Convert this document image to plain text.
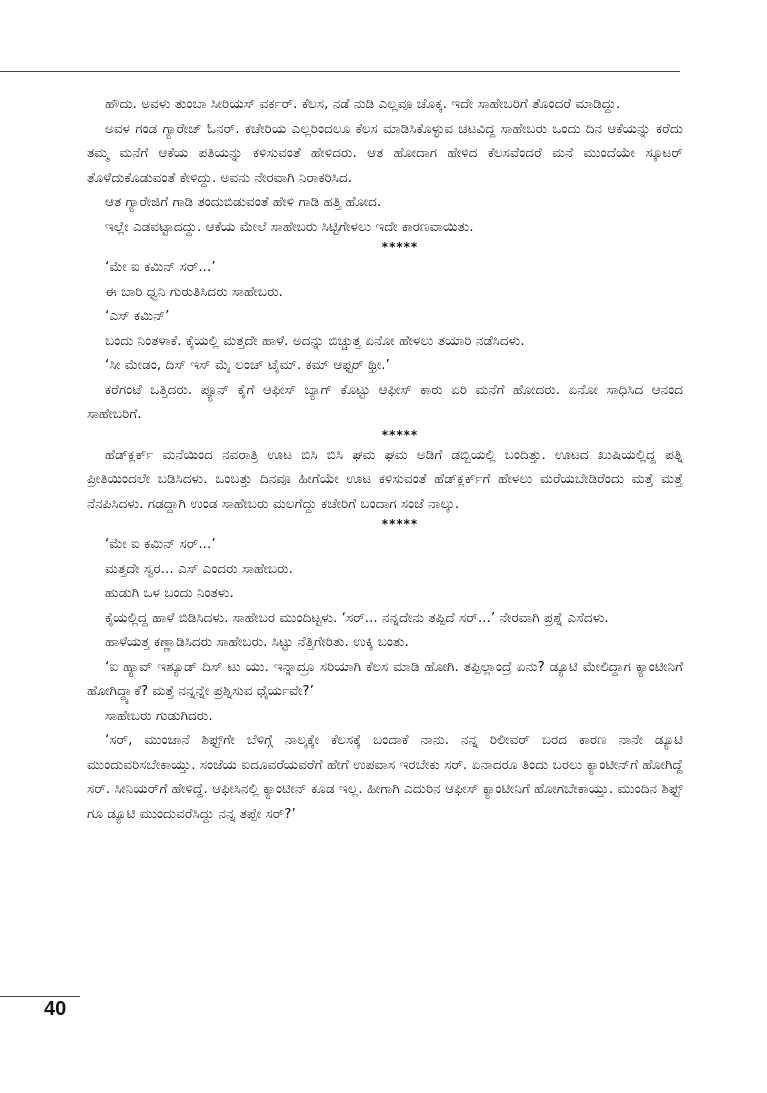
ಹೌದು. ಅವಳು ತುಂಬಾ ಸೀರಿಯಸ್ ವರ್ಕರ್. ಕೆಲಸ, ನಡೆ ನುಡಿ ಎಲ್ಲವೂ ಚೊಕ್ಕ. ಇದೇ ಸಾಹೇಬರಿಗೆ ತೊಂದರೆ ಮಾಡಿದ್ದು.

ಅವಳ ಗಂಡ ಗ್ಯಾರೇಜ್ ಓನರ್. ಕಚೇರಿಯ ಎಲ್ಲರಿಂದಲೂ ಕೆಲಸ ಮಾಡಿಸಿಕೊಳ್ಳುವ ಚಟವಿದ್ದ ಸಾಹೇಬರು ಒಂದು ದಿನ ಆಕೆಯನ್ನು ಕರೆದು ತಮ್ಮ ಮನೆಗೆ ಆಕೆಯ ಪತಿಯನ್ನು ಕಳಿಸುವಂತೆ ಹೇಳಿದರು. ಆತ ಹೋದಾಗ ಹೇಳಿದ ಕೆಲಸವೆಂದರೆ ಮನೆ ಮುಂದೆಯೇ ಸ್ಕೂಟರ್ ತೊಳೆದುಕೊಡುವಂತೆ ಕೇಳಿದ್ದು. ಅವನು ನೇರವಾಗಿ ನಿರಾಕರಿಸಿದ.

ಆತ ಗ್ಯಾರೇಜಿಗೆ ಗಾಡಿ ತಂದುಬಿಡುವಂತೆ ಹೇಳಿ ಗಾಡಿ ಹತ್ತಿ ಹೋದ.

ಇಲ್ಲೇ ಎಡವಟ್ಟಾದದ್ದು. ಆಕೆಯ ಮೇಲೆ ಸಾಹೇಬರು ಸಿಟ್ಟಿಗೇಳಲು ಇದೇ ಕಾರಣವಾಯಿತು.

*****

‘ಮೇ ಐ ಕಮಿನ್ ಸರ್...’

ಈ ಬಾರಿ ಧ್ವನಿ ಗುರುತಿಸಿದರು ಸಾಹೇಬರು.

‘ಎಸ್ ಕಮಿನ್’

ಬಂದು ನಿಂತಳಾಕೆ. ಕೈಯಲ್ಲಿ ಮತ್ತದೇ ಹಾಳೆ. ಅದನ್ನು ಬಿಚ್ಚುತ್ತ ಏನೋ ಹೇಳಲು ತಯಾರಿ ನಡೆಸಿದಳು.

‘ಸೀ ಮೇಡಂ, ದಿಸ್ ಇಸ್ ಮೈ ಲಂಚ್ ಟೈಮ್. ಕಮ್ ಆಫ್ಟರ್ ಥ್ರೀ.’

ಕರೆಗಂಟೆ ಒತ್ತಿದರು. ಪ್ಯೂನ್ ಕೈಗೆ ಆಫೀಸ್ ಬ್ಯಾಗ್ ಕೊಟ್ಟು ಆಫೀಸ್ ಕಾರು ಏರಿ ಮನೆಗೆ ಹೋದರು. ಏನೋ ಸಾಧಿಸಿದ ಆನಂದ ಸಾಹೇಬರಿಗೆ.

*****

ಹೆಡ್‌ಕ್ಲರ್ಕ್ ಮನೆಯಿಂದ ನವರಾತ್ರಿ ಊಟ ಬಿಸಿ ಬಿಸಿ ಘಮ ಘಮ ಅಡಿಗೆ ಡಬ್ಬಿಯಲ್ಲಿ ಬಂದಿತ್ತು. ಊಟದ ಖುಷಿಯಲ್ಲಿದ್ದ ಪತ್ನಿ ಪ್ರೀತಿಯಿಂದಲೇ ಬಡಿಸಿದಳು. ಒಂಬತ್ತು ದಿನವೂ ಹೀಗೆಯೇ ಊಟ ಕಳಿಸುವಂತೆ ಹೆಡ್‌ಕ್ಲರ್ಕ್‌ಗೆ ಹೇಳಲು ಮರೆಯಬೇಡಿರೆಂದು ಮತ್ತೆ ಮತ್ತೆ ನೆನಪಿಸಿದಳು. ಗಡದ್ದಾಗಿ ಉಂಡ ಸಾಹೇಬರು ಮಲಗೆದ್ದು ಕಚೇರಿಗೆ ಬಂದಾಗ ಸಂಜೆ ನಾಲ್ಕು.

*****

‘ಮೇ ಐ ಕಮಿನ್ ಸರ್...’

ಮತ್ತದೇ ಸ್ವರ... ಎಸ್ ಎಂದರು ಸಾಹೇಬರು.

ಹುಡುಗಿ ಒಳ ಬಂದು ನಿಂತಳು.

ಕೈಯಲ್ಲಿದ್ದ ಹಾಳೆ ಬಿಡಿಸಿದಳು. ಸಾಹೇಬರ ಮುಂದಿಟ್ಟಳು. ‘ಸರ್... ನನ್ನದೇನು ತಪ್ಪಿದೆ ಸರ್...’ ನೇರವಾಗಿ ಪ್ರಶ್ನೆ ಎಸೆದಳು.

ಹಾಳೆಯತ್ತ ಕಣ್ಣಾಡಿಸಿದರು ಸಾಹೇಬರು. ಸಿಟ್ಟು ನೆತ್ತಿಗೇರಿತು. ಉಕ್ಕಿ ಬಂತು.

‘ಐ ಹ್ಯಾವ್ ಇಶ್ಯೂಡ್ ದಿಸ್ ಟು ಯು. ಇನ್ನಾದ್ರೂ ಸರಿಯಾಗಿ ಕೆಲಸ ಮಾಡಿ ಹೋಗಿ. ತಪ್ಪಿಲ್ಲಾಂದ್ರೆ ಏನು? ಡ್ಯೂಟಿ ಮೇಲಿದ್ದಾಗ ಕ್ಯಾಂಟೀನಿಗೆ ಹೋಗಿದ್ದ್ಯಾಕೆ? ಮತ್ತೆ ನನ್ನನ್ನೇ ಪ್ರಶ್ನಿಸುವ ಧೈರ್ಯವೇ?’

ಸಾಹೇಬರು ಗುಡುಗಿದರು.

‘ಸರ್, ಮುಂಜಾನೆ ಶಿಫ್ಟ್‌ಗೇ ಬೆಳಿಗ್ಗೆ ನಾಲ್ಕಕ್ಕೇ ಕೆಲಸಕ್ಕೆ ಬಂದಾಕೆ ನಾನು. ನನ್ನ ರಿಲೀವರ್ ಬರದ ಕಾರಣ ನಾನೇ ಡ್ಯೂಟಿ ಮುಂದುವರಿಸಬೇಕಾಯ್ತು. ಸಂಜೆಯ ಐದೂವರೆಯವರೆಗೆ ಹೇಗೆ ಉಪವಾಸ ಇರಬೇಕು ಸರ್. ಏನಾದರೂ ತಿಂದು ಬರಲು ಕ್ಯಾಂಟೀನ್‌ಗೆ ಹೋಗಿದ್ದೆ ಸರ್. ಸೀನಿಯರ್‌ಗೆ ಹೇಳಿದ್ದೆ. ಆಫೀಸಿನಲ್ಲಿ ಕ್ಯಾಂಟೀನ್ ಕೂಡ ಇಲ್ಲ. ಹೀಗಾಗಿ ಎದುರಿನ ಆಫೀಸ್ ಕ್ಯಾಂಟೀನಿಗೆ ಹೋಗಬೇಕಾಯ್ತು. ಮುಂದಿನ ಶಿಫ್ಟ್ ಗೂ ಡ್ಯೂಟಿ ಮುಂದುವರೆಸಿದ್ದು ನನ್ನ ತಪ್ಪೇ ಸರ್?’

40
